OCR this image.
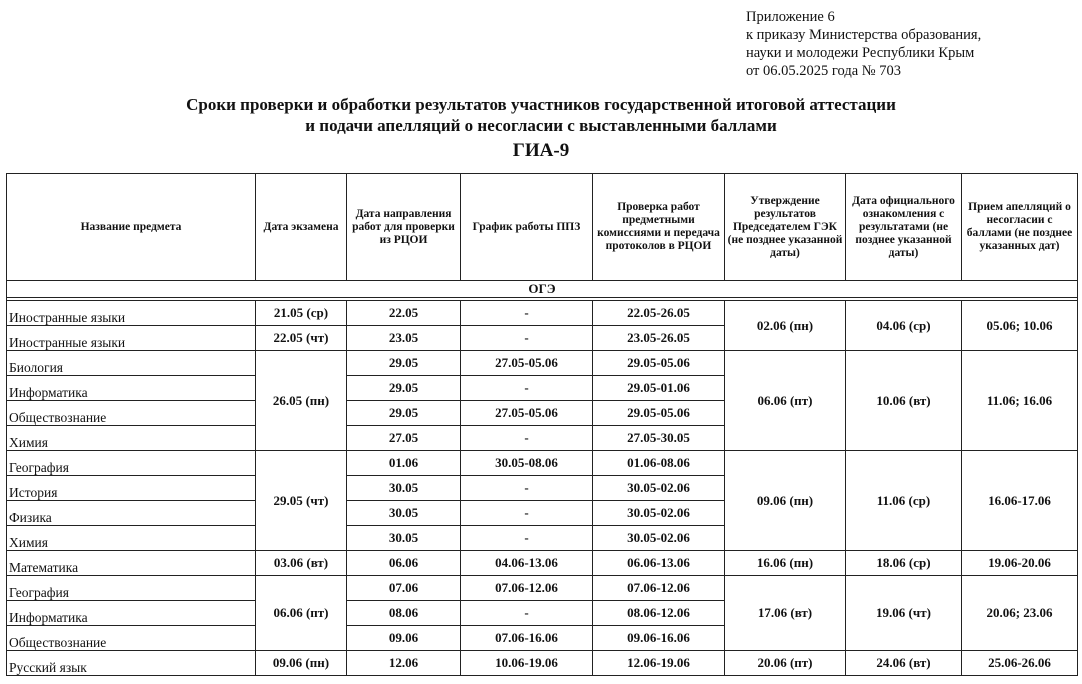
Приложение 6
к приказу Министерства образования,
науки и молодежи Республики Крым
от 06.05.2025 года № 703
Сроки проверки и обработки результатов участников государственной итоговой аттестации
и подачи апелляций о несогласии с выставленными баллами
ГИА-9
Название предмета	Дата экзамена	Дата направления работ для проверки из РЦОИ	График работы ППЗ	Проверка работ предметными комиссиями и передача протоколов в РЦОИ	Утверждение результатов Председателем ГЭК (не позднее указанной даты)	Дата официального ознакомления с результатами (не позднее указанной даты)	Прием апелляций о несогласии с баллами (не позднее указанных дат)
ОГЭ							

Иностранные языки	21.05 (ср)	22.05	-	22.05-26.05	02.06 (пн)	04.06 (ср)	05.06; 10.06
Иностранные языки	22.05 (чт)	23.05	-	23.05-26.05			
Биология	26.05 (пн)	29.05	27.05-05.06	29.05-05.06	06.06 (пт)	10.06 (вт)	11.06; 16.06
Информатика		29.05	-	29.05-01.06			
Обществознание		29.05	27.05-05.06	29.05-05.06			
Химия		27.05	-	27.05-30.05			
География	29.05 (чт)	01.06	30.05-08.06	01.06-08.06	09.06 (пн)	11.06 (ср)	16.06-17.06
История		30.05	-	30.05-02.06			
Физика		30.05	-	30.05-02.06			
Химия		30.05	-	30.05-02.06			
Математика	03.06 (вт)	06.06	04.06-13.06	06.06-13.06	16.06 (пн)	18.06 (ср)	19.06-20.06
География	06.06 (пт)	07.06	07.06-12.06	07.06-12.06	17.06 (вт)	19.06 (чт)	20.06; 23.06
Информатика		08.06	-	08.06-12.06			
Обществознание		09.06	07.06-16.06	09.06-16.06			
Русский язык	09.06 (пн)	12.06	10.06-19.06	12.06-19.06	20.06 (пт)	24.06 (вт)	25.06-26.06
